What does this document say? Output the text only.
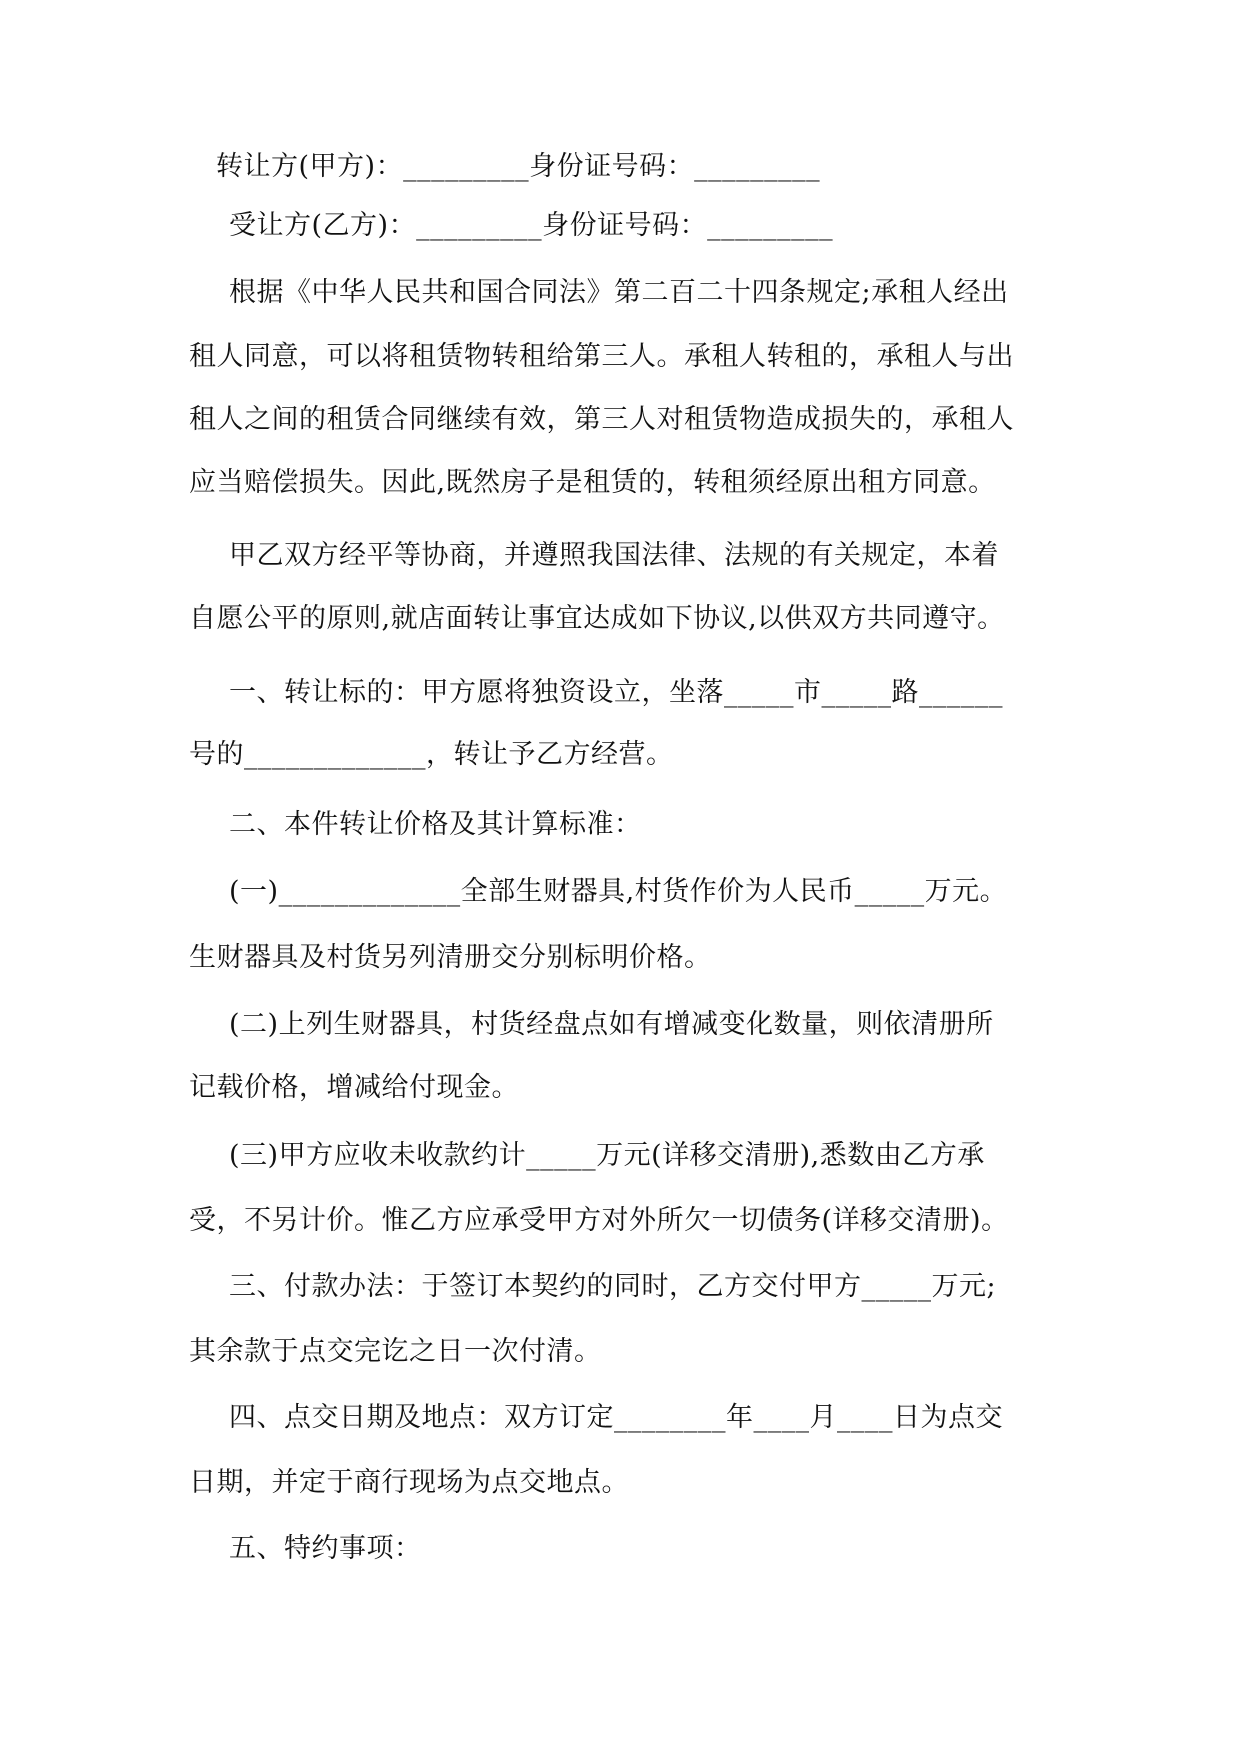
转让方(甲方)：_________身份证号码：_________
受让方(乙方)：_________身份证号码：_________
根据《中华人民共和国合同法》第二百二十四条规定;承租人经出
租人同意，可以将租赁物转租给第三人。承租人转租的，承租人与出
租人之间的租赁合同继续有效，第三人对租赁物造成损失的，承租人
应当赔偿损失。因此,既然房子是租赁的，转租须经原出租方同意。
甲乙双方经平等协商，并遵照我国法律、法规的有关规定，本着
自愿公平的原则,就店面转让事宜达成如下协议,以供双方共同遵守。
一、转让标的：甲方愿将独资设立，坐落_____市_____路______
号的_____________，转让予乙方经营。
二、本件转让价格及其计算标准：
(一)_____________全部生财器具,村货作价为人民币_____万元。
生财器具及村货另列清册交分别标明价格。
(二)上列生财器具，村货经盘点如有增减变化数量，则依清册所
记载价格，增减给付现金。
(三)甲方应收未收款约计_____万元(详移交清册),悉数由乙方承
受，不另计价。惟乙方应承受甲方对外所欠一切债务(详移交清册)。
三、付款办法：于签订本契约的同时，乙方交付甲方_____万元;
其余款于点交完讫之日一次付清。
四、点交日期及地点：双方订定________年____月____日为点交
日期，并定于商行现场为点交地点。
五、特约事项：
